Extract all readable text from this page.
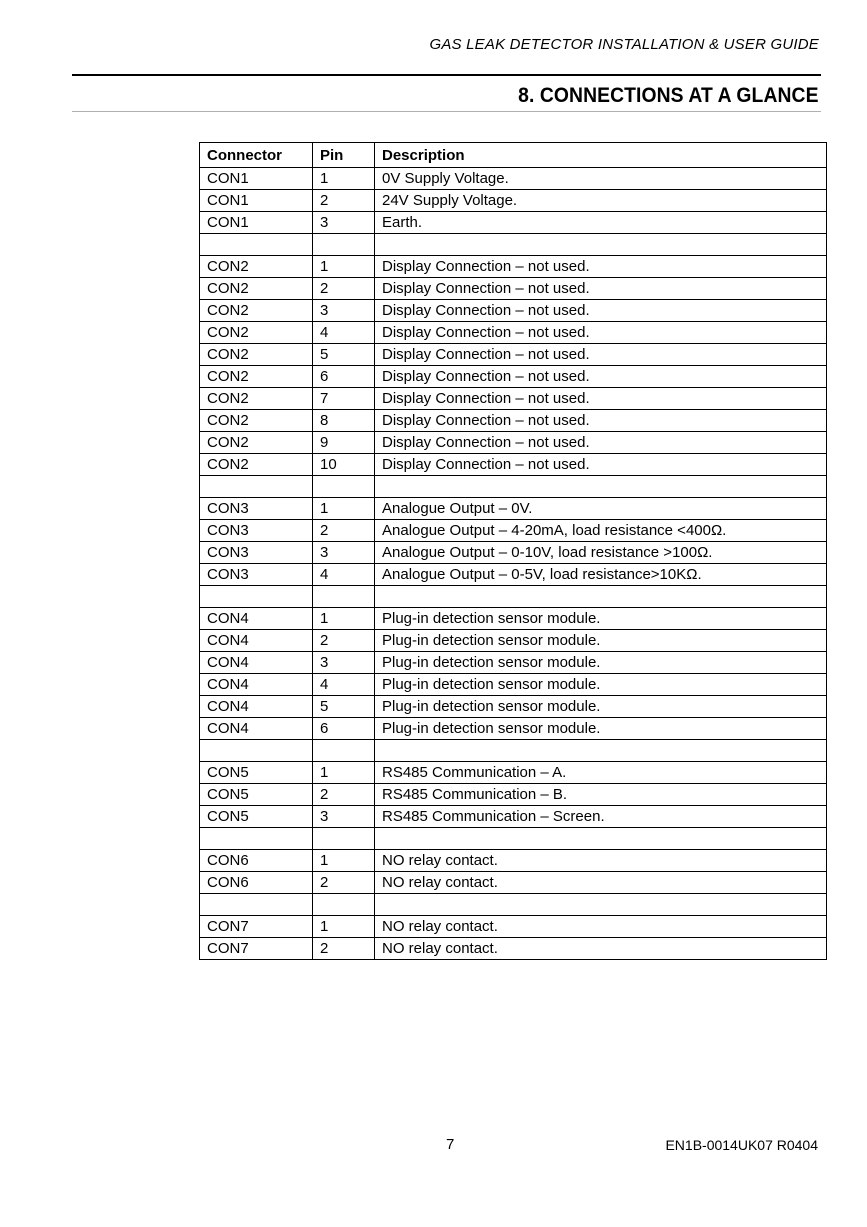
GAS LEAK DETECTOR INSTALLATION & USER GUIDE
8. CONNECTIONS AT A GLANCE
Connector	Pin	Description
CON1	1	0V Supply Voltage.
CON1	2	24V Supply Voltage.
CON1	3	Earth.

CON2	1	Display Connection – not used.
CON2	2	Display Connection – not used.
CON2	3	Display Connection – not used.
CON2	4	Display Connection – not used.
CON2	5	Display Connection – not used.
CON2	6	Display Connection – not used.
CON2	7	Display Connection – not used.
CON2	8	Display Connection – not used.
CON2	9	Display Connection – not used.
CON2	10	Display Connection – not used.

CON3	1	Analogue Output – 0V.
CON3	2	Analogue Output – 4-20mA, load resistance <400Ω.
CON3	3	Analogue Output – 0-10V, load resistance >100Ω.
CON3	4	Analogue Output – 0-5V, load resistance>10KΩ.

CON4	1	Plug-in detection sensor module.
CON4	2	Plug-in detection sensor module.
CON4	3	Plug-in detection sensor module.
CON4	4	Plug-in detection sensor module.
CON4	5	Plug-in detection sensor module.
CON4	6	Plug-in detection sensor module.

CON5	1	RS485 Communication – A.
CON5	2	RS485 Communication – B.
CON5	3	RS485 Communication – Screen.

CON6	1	NO relay contact.
CON6	2	NO relay contact.

CON7	1	NO relay contact.
CON7	2	NO relay contact.
7	EN1B-0014UK07 R0404
